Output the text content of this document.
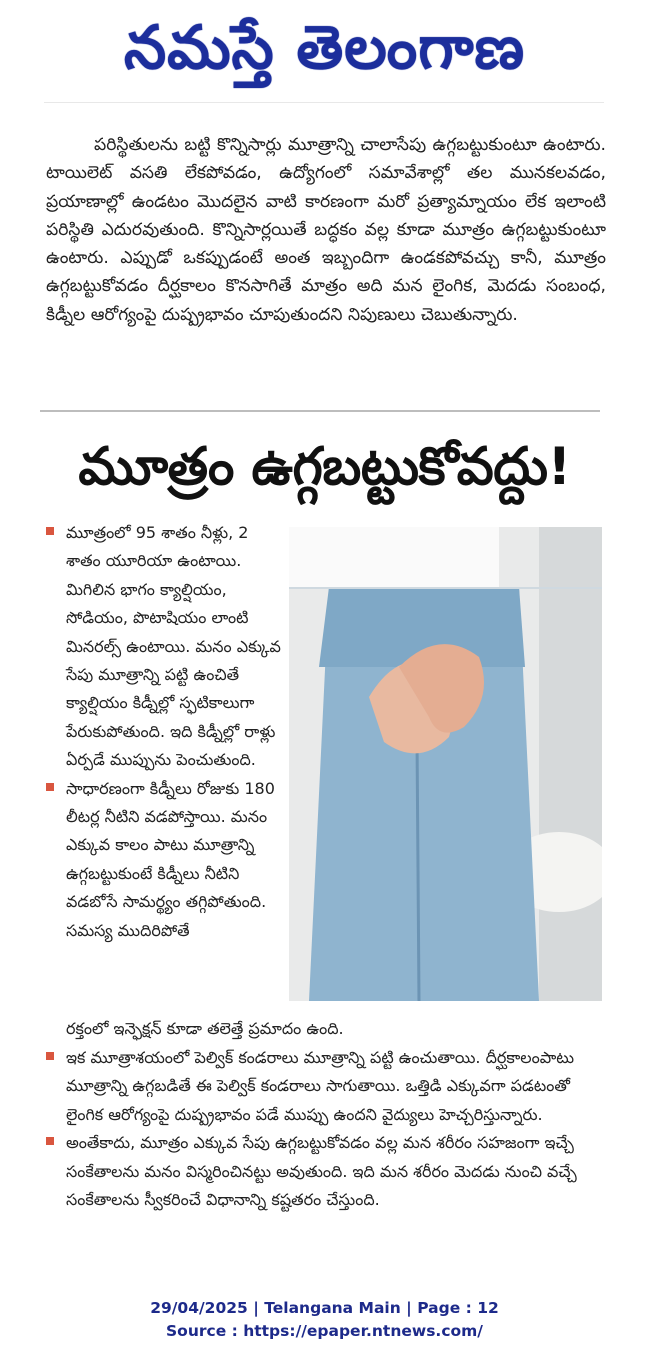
నమస్తే తెలంగాణ

పరిస్థితులను బట్టి కొన్నిసార్లు మూత్రాన్ని చాలాసేపు ఉగ్గబట్టుకుంటూ ఉంటారు. టాయిలెట్ వసతి లేకపోవడం, ఉద్యోగంలో సమావేశాల్లో తల మునకలవడం, ప్రయాణాల్లో ఉండటం మొదలైన వాటి కారణంగా మరో ప్రత్యామ్నాయం లేక ఇలాంటి పరిస్థితి ఎదురవుతుంది. కొన్నిసార్లయితే బద్ధకం వల్ల కూడా మూత్రం ఉగ్గబట్టుకుంటూ ఉంటారు. ఎప్పుడో ఒకప్పుడంటే అంత ఇబ్బందిగా ఉండకపోవచ్చు కానీ, మూత్రం ఉగ్గబట్టుకోవడం దీర్ఘకాలం కొనసాగితే మాత్రం అది మన లైంగిక, మెదడు సంబంధ, కిడ్నీల ఆరోగ్యంపై దుష్ప్రభావం చూపుతుందని నిపుణులు చెబుతున్నారు.

మూత్రం ఉగ్గబట్టుకోవద్దు!
మూత్రంలో 95 శాతం నీళ్లు, 2 శాతం యూరియా ఉంటాయి. మిగిలిన భాగం క్యాల్షియం, సోడియం, పొటాషియం లాంటి మినరల్స్ ఉంటాయి. మనం ఎక్కువ సేపు మూత్రాన్ని పట్టి ఉంచితే క్యాల్షియం కిడ్నీల్లో స్ఫటికాలుగా పేరుకుపోతుంది. ఇది కిడ్నీల్లో రాళ్లు ఏర్పడే ముప్పును పెంచుతుంది.
సాధారణంగా కిడ్నీలు రోజుకు 180 లీటర్ల నీటిని వడపోస్తాయి. మనం ఎక్కువ కాలం పాటు మూత్రాన్ని ఉగ్గబట్టుకుంటే కిడ్నీలు నీటిని వడబోసే సామర్థ్యం తగ్గిపోతుంది. సమస్య ముదిరిపోతే
రక్తంలో ఇన్ఫెక్షన్ కూడా తలెత్తే ప్రమాదం ఉంది.
ఇక మూత్రాశయంలో పెల్విక్ కండరాలు మూత్రాన్ని పట్టి ఉంచుతాయి. దీర్ఘకాలంపాటు మూత్రాన్ని ఉగ్గబడితే ఈ పెల్విక్ కండరాలు సాగుతాయి. ఒత్తిడి ఎక్కువగా పడటంతో లైంగిక ఆరోగ్యంపై దుష్ప్రభావం పడే ముప్పు ఉందని వైద్యులు హెచ్చరిస్తున్నారు.
అంతేకాదు, మూత్రం ఎక్కువ సేపు ఉగ్గబట్టుకోవడం వల్ల మన శరీరం సహజంగా ఇచ్చే సంకేతాలను మనం విస్మరించినట్టు అవుతుంది. ఇది మన శరీరం మెదడు నుంచి వచ్చే సంకేతాలను స్వీకరించే విధానాన్ని కష్టతరం చేస్తుంది.
29/04/2025 | Telangana Main | Page : 12
Source : https://epaper.ntnews.com/
